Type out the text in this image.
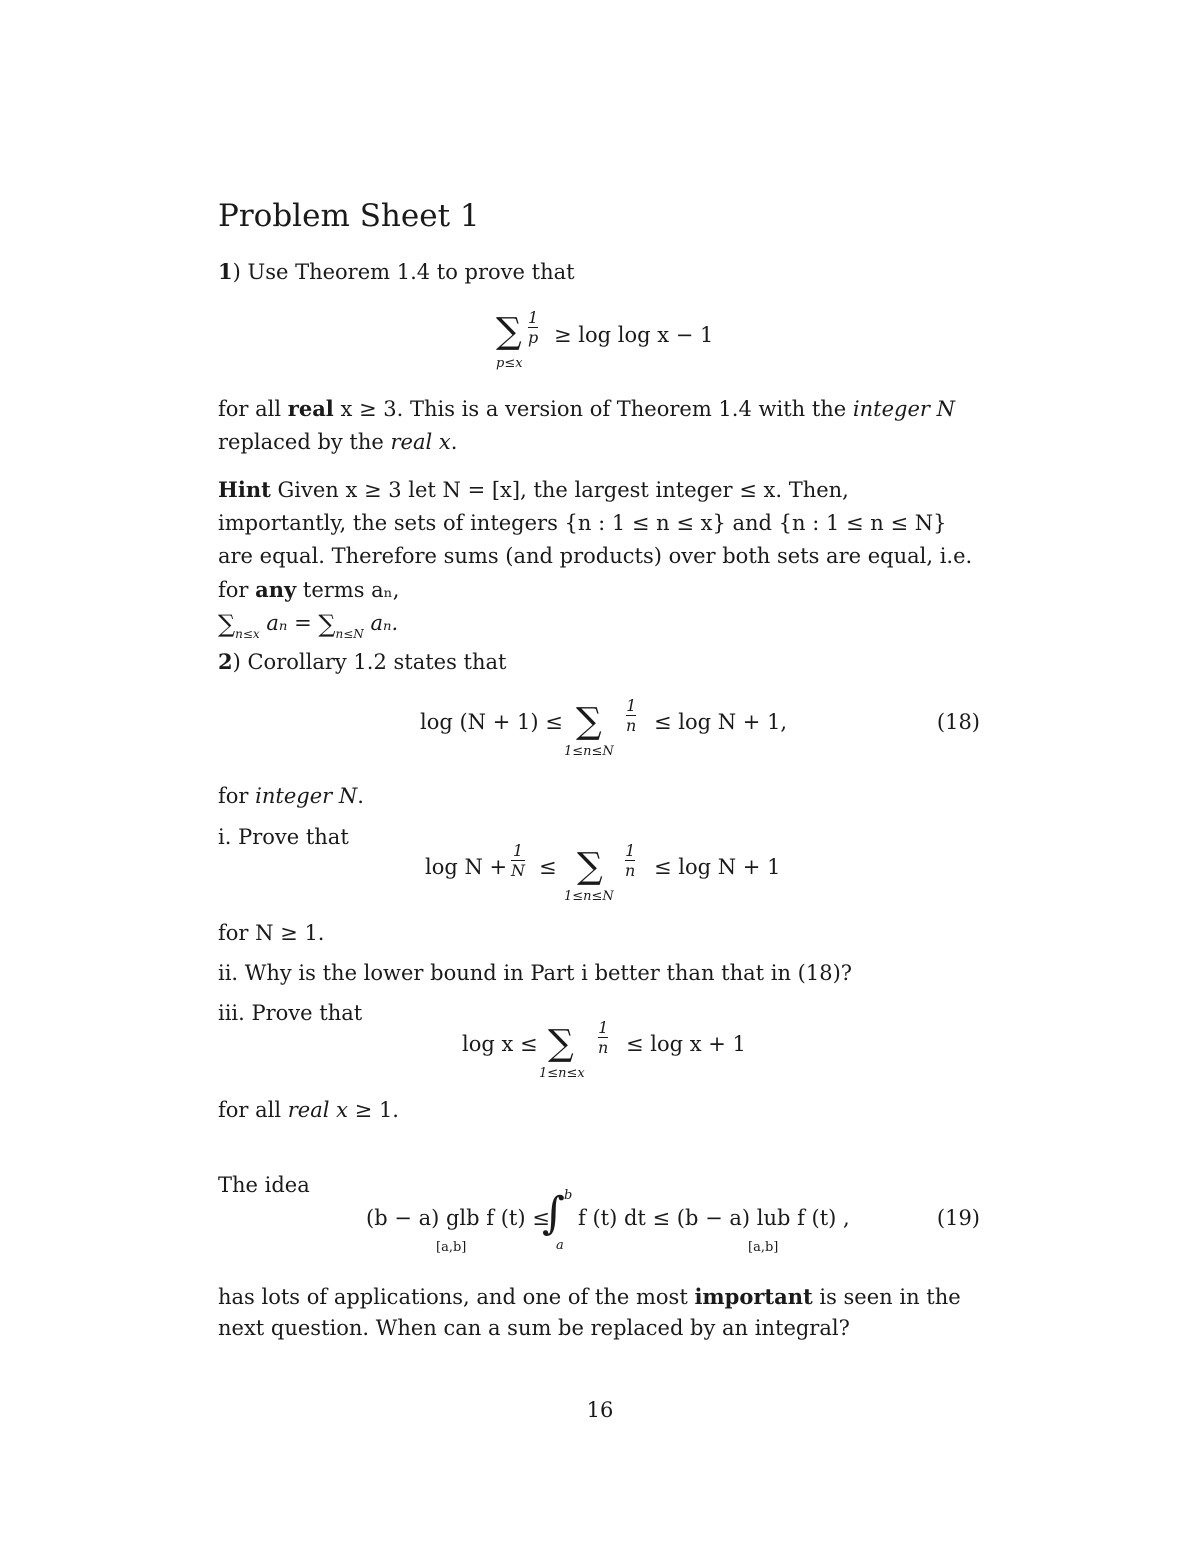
Problem Sheet 1
1) Use Theorem 1.4 to prove that
∑
p≤x
$\frac{1}{p} \ge \log \log x - 1$
for all real x ≥ 3. This is a version of Theorem 1.4 with the integer N replaced by the real x.
Hint Given x ≥ 3 let N = [x], the largest integer ≤ x. Then, importantly, the sets of integers {n : 1 ≤ n ≤ x} and {n : 1 ≤ n ≤ N} are equal. Therefore sums (and products) over both sets are equal, i.e. for any terms aₙ,
$\sum_{n\le x}$ $a_n = \sum_{n\le N}$ aₙ.
2) Corollary 1.2 states that
log (N + 1) ≤ ∑
1≤n≤N
$\frac{1}{n} \le \log N + 1$,	(18)
for integer N.
i. Prove that
$\log N + \frac{1}{N}$ ≤ ∑
1≤n≤N
$\frac{1}{n} \le \log N + 1$
for N ≥ 1.
ii. Why is the lower bound in Part i better than that in (18)?
iii. Prove that
log x ≤ ∑
1≤n≤x
$\frac{1}{n} \le \log x + 1$
for all real x ≥ 1.
The idea
(b − a) glb f (t) ≤
[a,b]
∫ b
a
f (t) dt ≤ (b − a) lub f (t) ,
[a,b]
(19)
has lots of applications, and one of the most important is seen in the next question. When can a sum be replaced by an integral?
16
